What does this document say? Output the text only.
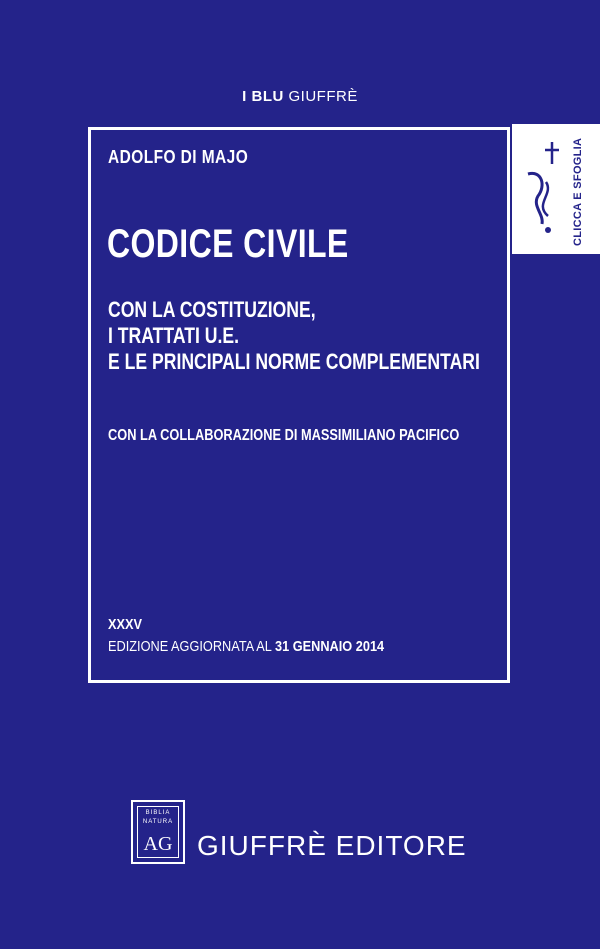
I BLU GIUFFRÈ
ADOLFO DI MAJO
CODICE CIVILE
CON LA COSTITUZIONE,
I TRATTATI U.E.
E LE PRINCIPALI NORME COMPLEMENTARI
CON LA COLLABORAZIONE DI MASSIMILIANO PACIFICO
XXXV
EDIZIONE AGGIORNATA AL 31 GENNAIO 2014
CLICCA E SFOGLIA
BIBLIA
NATURA
AG GIUFFRÈ EDITORE
